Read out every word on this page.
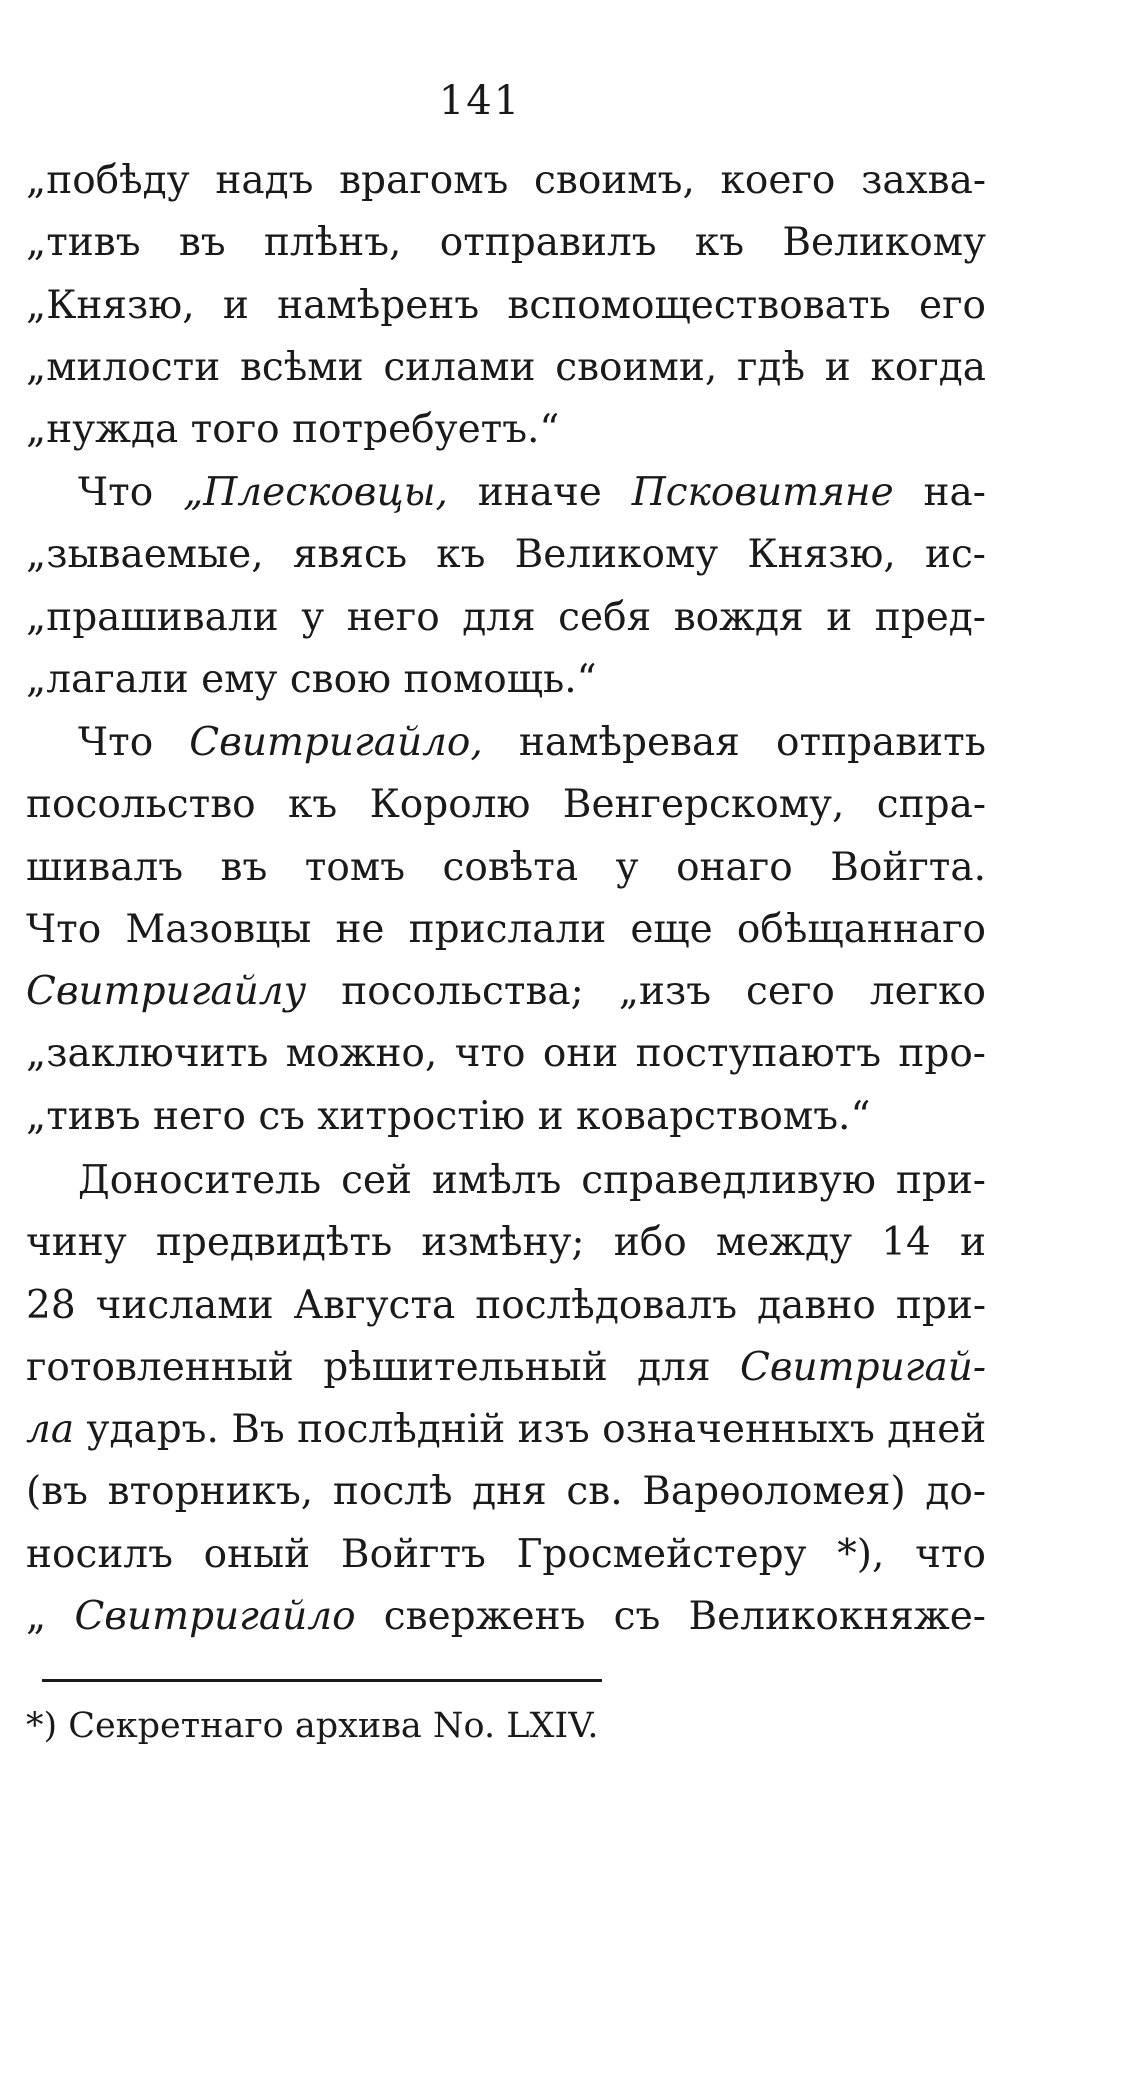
141
„побѣду надъ врагомъ своимъ, коего захва-
„тивъ въ плѣнъ, отправилъ къ Великому
„Князю, и намѣренъ вспомоществовать его
„милости всѣми силами своими, гдѣ и когда
„нужда того потребуетъ.“
Что „Плесковцы, иначе Псковитяне на-
„зываемые, явясь къ Великому Князю, ис-
„прашивали у него для себя вождя и пред-
„лагали ему свою помощь.“
Что Свитригайло, намѣревая отправить
посольство къ Королю Венгерскому, спра-
шивалъ въ томъ совѣта у онаго Войгта.
Что Мазовцы не прислали еще обѣщаннаго
Свитригайлу посольства; „изъ сего легко
„заключить можно, что они поступаютъ про-
„тивъ него съ хитростію и коварствомъ.“
Доноситель сей имѣлъ справедливую при-
чину предвидѣть измѣну; ибо между 14 и
28 числами Августа послѣдовалъ давно при-
готовленный рѣшительный для Свитригай-
ла ударъ. Въ послѣдній изъ означенныхъ дней
(въ вторникъ, послѣ дня св. Варѳоломея) до-
носилъ оный Войгтъ Гросмейстеру *), что
„ Свитригайло сверженъ съ Великокняже-
*) Секретнаго архива No. LXIV.
